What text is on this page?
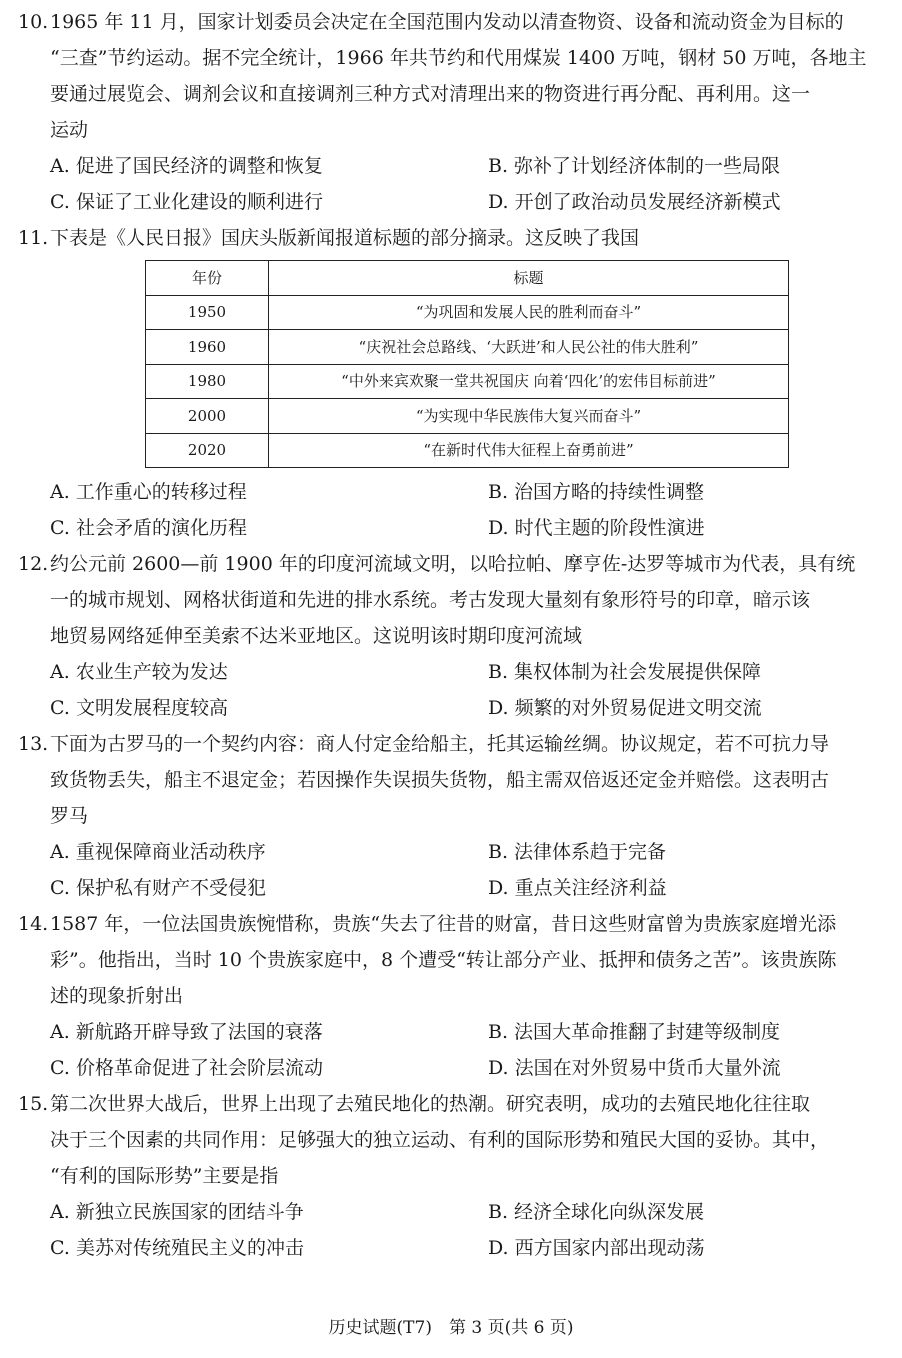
10.1965 年 11 月，国家计划委员会决定在全国范围内发动以清查物资、设备和流动资金为目标的
“三查”节约运动。据不完全统计，1966 年共节约和代用煤炭 1400 万吨，钢材 50 万吨，各地主
要通过展览会、调剂会议和直接调剂三种方式对清理出来的物资进行再分配、再利用。这一
运动
A. 促进了国民经济的调整和恢复	B. 弥补了计划经济体制的一些局限
C. 保证了工业化建设的顺利进行	D. 开创了政治动员发展经济新模式
11.下表是《人民日报》国庆头版新闻报道标题的部分摘录。这反映了我国
年份	标题
1950	“为巩固和发展人民的胜利而奋斗”
1960	“庆祝社会总路线、‘大跃进’和人民公社的伟大胜利”
1980	“中外来宾欢聚一堂共祝国庆 向着‘四化’的宏伟目标前进”
2000	“为实现中华民族伟大复兴而奋斗”
2020	“在新时代伟大征程上奋勇前进”
A. 工作重心的转移过程	B. 治国方略的持续性调整
C. 社会矛盾的演化历程	D. 时代主题的阶段性演进
12.约公元前 2600—前 1900 年的印度河流域文明，以哈拉帕、摩亨佐-达罗等城市为代表，具有统
一的城市规划、网格状街道和先进的排水系统。考古发现大量刻有象形符号的印章，暗示该
地贸易网络延伸至美索不达米亚地区。这说明该时期印度河流域
A. 农业生产较为发达	B. 集权体制为社会发展提供保障
C. 文明发展程度较高	D. 频繁的对外贸易促进文明交流
13.下面为古罗马的一个契约内容：商人付定金给船主，托其运输丝绸。协议规定，若不可抗力导
致货物丢失，船主不退定金；若因操作失误损失货物，船主需双倍返还定金并赔偿。这表明古
罗马
A. 重视保障商业活动秩序	B. 法律体系趋于完备
C. 保护私有财产不受侵犯	D. 重点关注经济利益
14.1587 年，一位法国贵族惋惜称，贵族“失去了往昔的财富，昔日这些财富曾为贵族家庭增光添
彩”。他指出，当时 10 个贵族家庭中，8 个遭受“转让部分产业、抵押和债务之苦”。该贵族陈
述的现象折射出
A. 新航路开辟导致了法国的衰落	B. 法国大革命推翻了封建等级制度
C. 价格革命促进了社会阶层流动	D. 法国在对外贸易中货币大量外流
15.第二次世界大战后，世界上出现了去殖民地化的热潮。研究表明，成功的去殖民地化往往取
决于三个因素的共同作用：足够强大的独立运动、有利的国际形势和殖民大国的妥协。其中，
“有利的国际形势”主要是指
A. 新独立民族国家的团结斗争	B. 经济全球化向纵深发展
C. 美苏对传统殖民主义的冲击	D. 西方国家内部出现动荡
历史试题(T7)　第 3 页(共 6 页)
